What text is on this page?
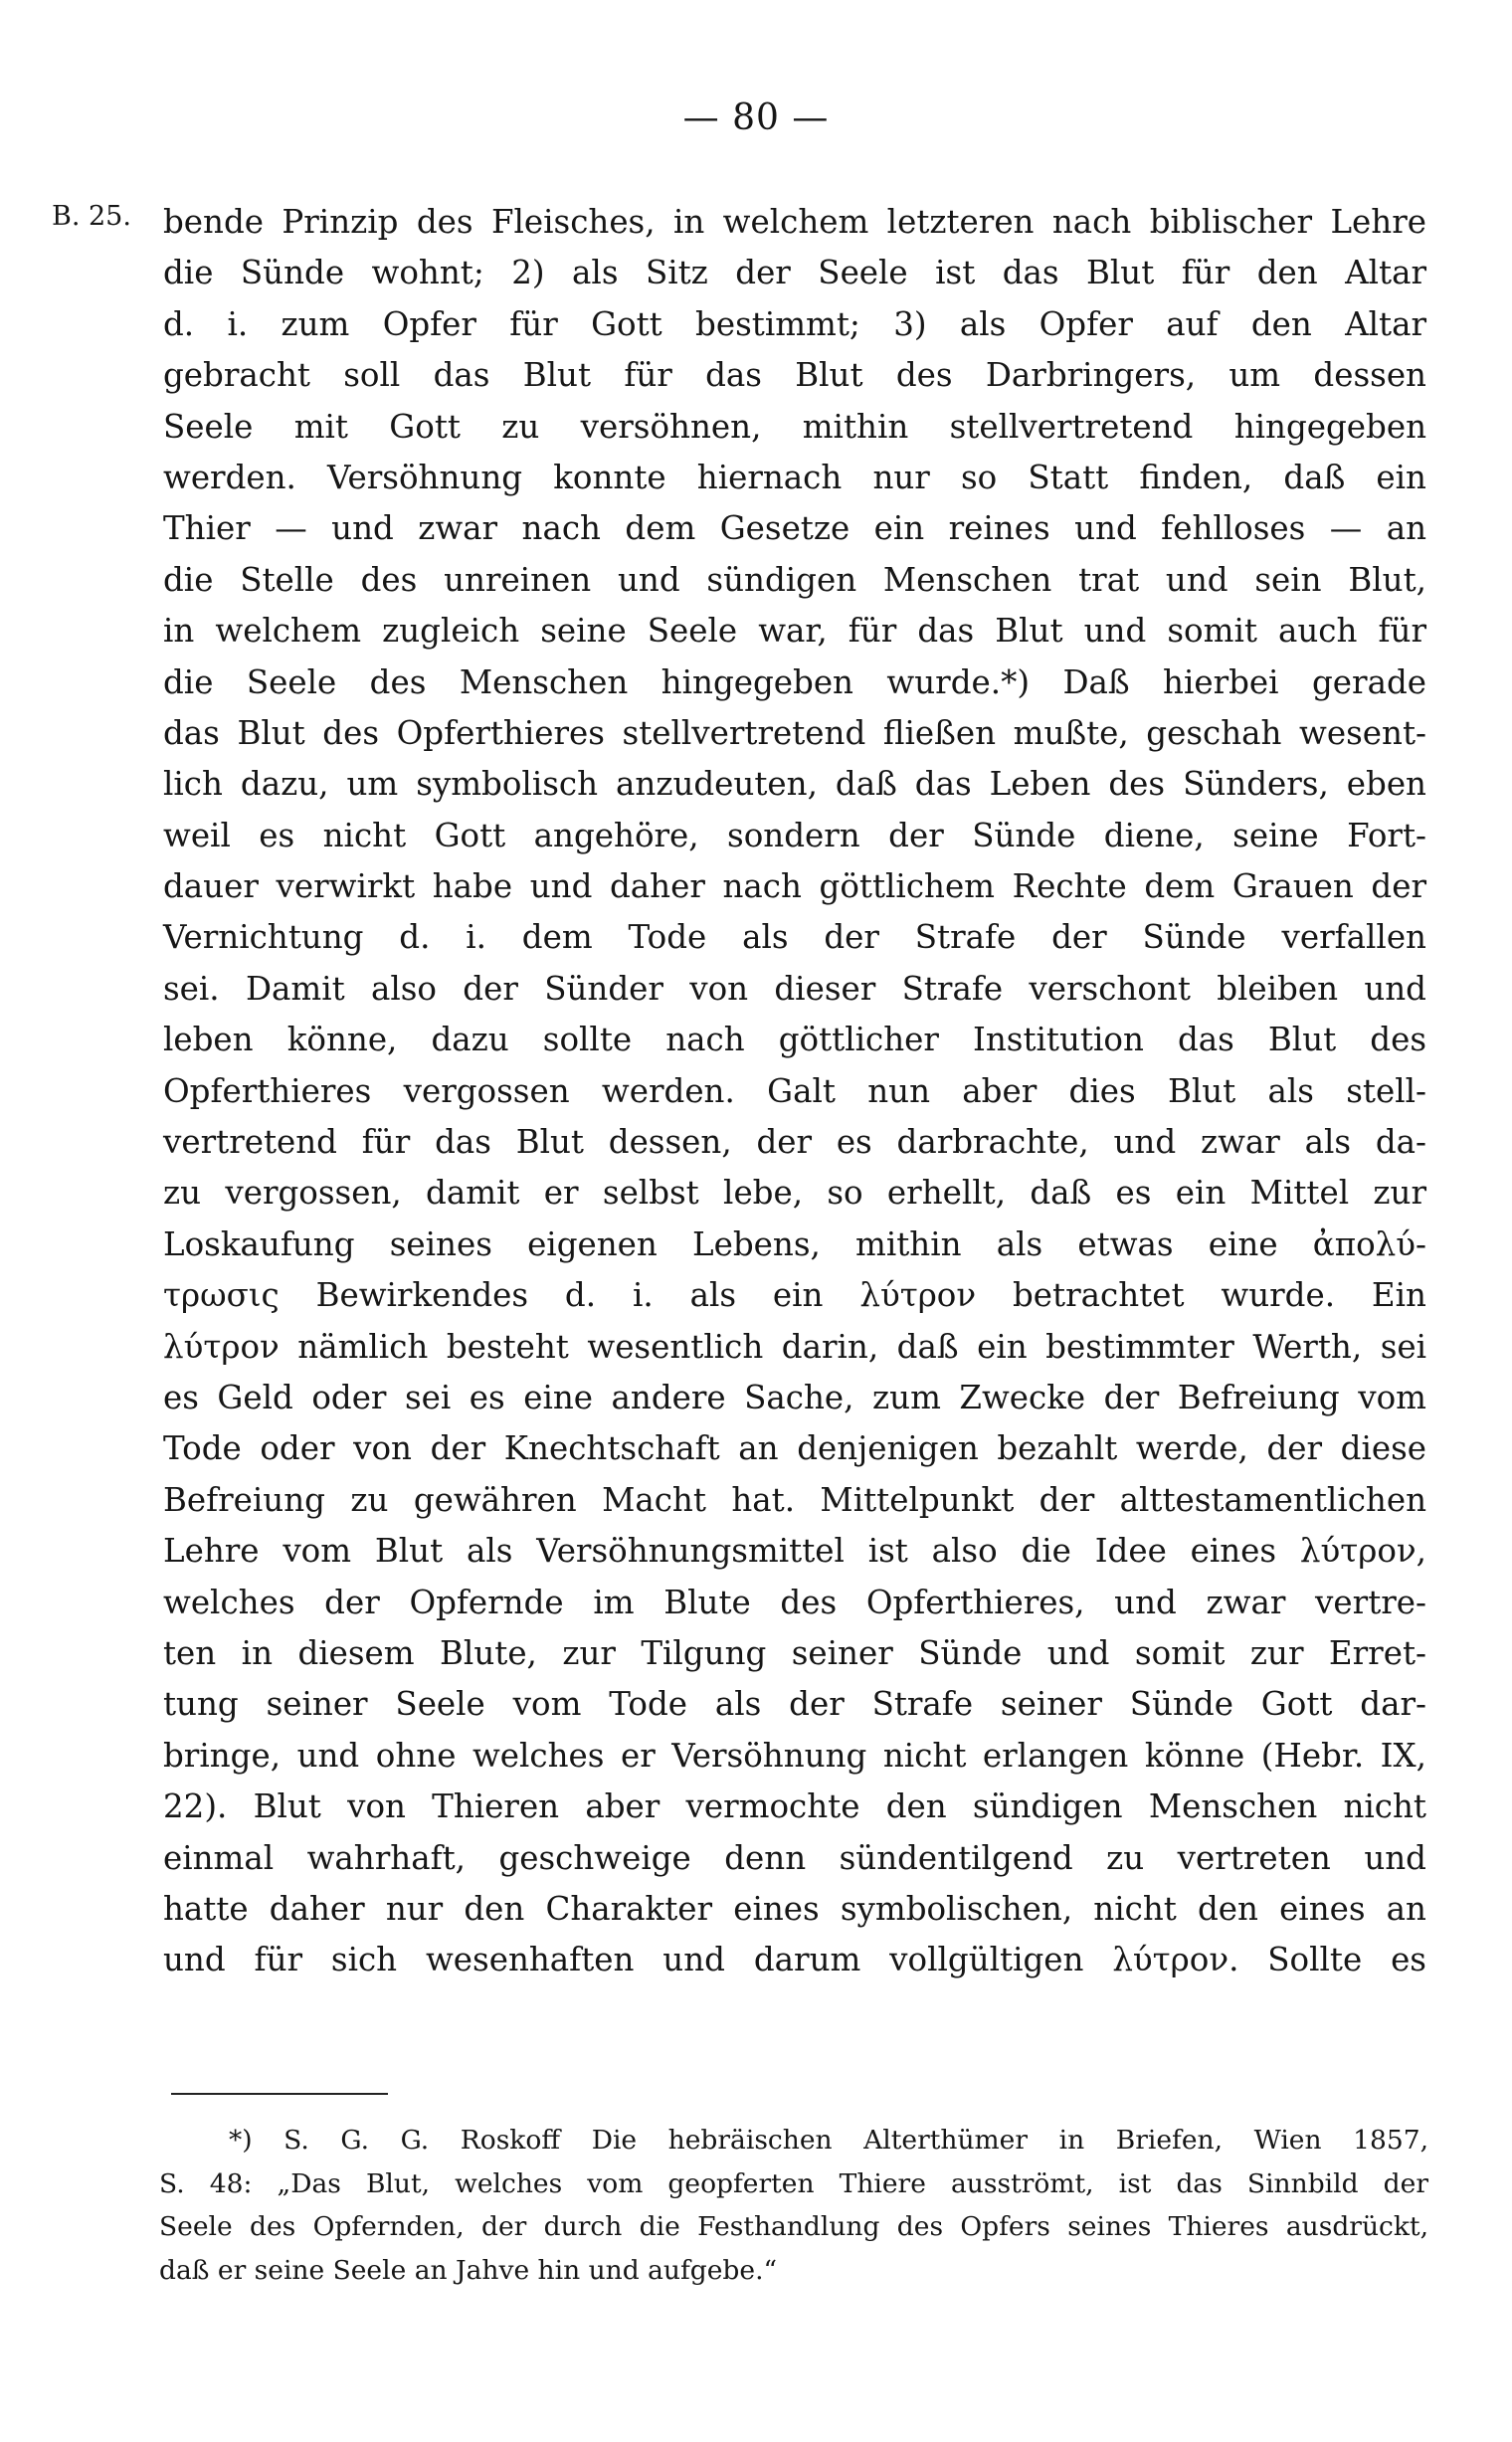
— 80 —
B. 25. bende Prinzip des Fleisches, in welchem letzteren nach biblischer Lehre
die Sünde wohnt; 2) als Sitz der Seele ist das Blut für den Altar
d. i. zum Opfer für Gott bestimmt; 3) als Opfer auf den Altar
gebracht soll das Blut für das Blut des Darbringers, um dessen
Seele mit Gott zu versöhnen, mithin stellvertretend hingegeben
werden. Versöhnung konnte hiernach nur so Statt finden, daß ein
Thier — und zwar nach dem Gesetze ein reines und fehlloses — an
die Stelle des unreinen und sündigen Menschen trat und sein Blut,
in welchem zugleich seine Seele war, für das Blut und somit auch für
die Seele des Menschen hingegeben wurde.*) Daß hierbei gerade
das Blut des Opferthieres stellvertretend fließen mußte, geschah wesent-
lich dazu, um symbolisch anzudeuten, daß das Leben des Sünders, eben
weil es nicht Gott angehöre, sondern der Sünde diene, seine Fort-
dauer verwirkt habe und daher nach göttlichem Rechte dem Grauen der
Vernichtung d. i. dem Tode als der Strafe der Sünde verfallen
sei. Damit also der Sünder von dieser Strafe verschont bleiben und
leben könne, dazu sollte nach göttlicher Institution das Blut des
Opferthieres vergossen werden. Galt nun aber dies Blut als stell-
vertretend für das Blut dessen, der es darbrachte, und zwar als da-
zu vergossen, damit er selbst lebe, so erhellt, daß es ein Mittel zur
Loskaufung seines eigenen Lebens, mithin als etwas eine ἀπολύ-
τρωσις Bewirkendes d. i. als ein λύτρον betrachtet wurde. Ein
λύτρον nämlich besteht wesentlich darin, daß ein bestimmter Werth, sei
es Geld oder sei es eine andere Sache, zum Zwecke der Befreiung vom
Tode oder von der Knechtschaft an denjenigen bezahlt werde, der diese
Befreiung zu gewähren Macht hat. Mittelpunkt der alttestamentlichen
Lehre vom Blut als Versöhnungsmittel ist also die Idee eines λύτρον,
welches der Opfernde im Blute des Opferthieres, und zwar vertre-
ten in diesem Blute, zur Tilgung seiner Sünde und somit zur Erret-
tung seiner Seele vom Tode als der Strafe seiner Sünde Gott dar-
bringe, und ohne welches er Versöhnung nicht erlangen könne (Hebr. IX,
22). Blut von Thieren aber vermochte den sündigen Menschen nicht
einmal wahrhaft, geschweige denn sündentilgend zu vertreten und
hatte daher nur den Charakter eines symbolischen, nicht den eines an
und für sich wesenhaften und darum vollgültigen λύτρον. Sollte es
*) S. G. G. Roskoff Die hebräischen Alterthümer in Briefen, Wien 1857,
S. 48: „Das Blut, welches vom geopferten Thiere ausströmt, ist das Sinnbild der
Seele des Opfernden, der durch die Festhandlung des Opfers seines Thieres ausdrückt,
daß er seine Seele an Jahve hin und aufgebe.“
